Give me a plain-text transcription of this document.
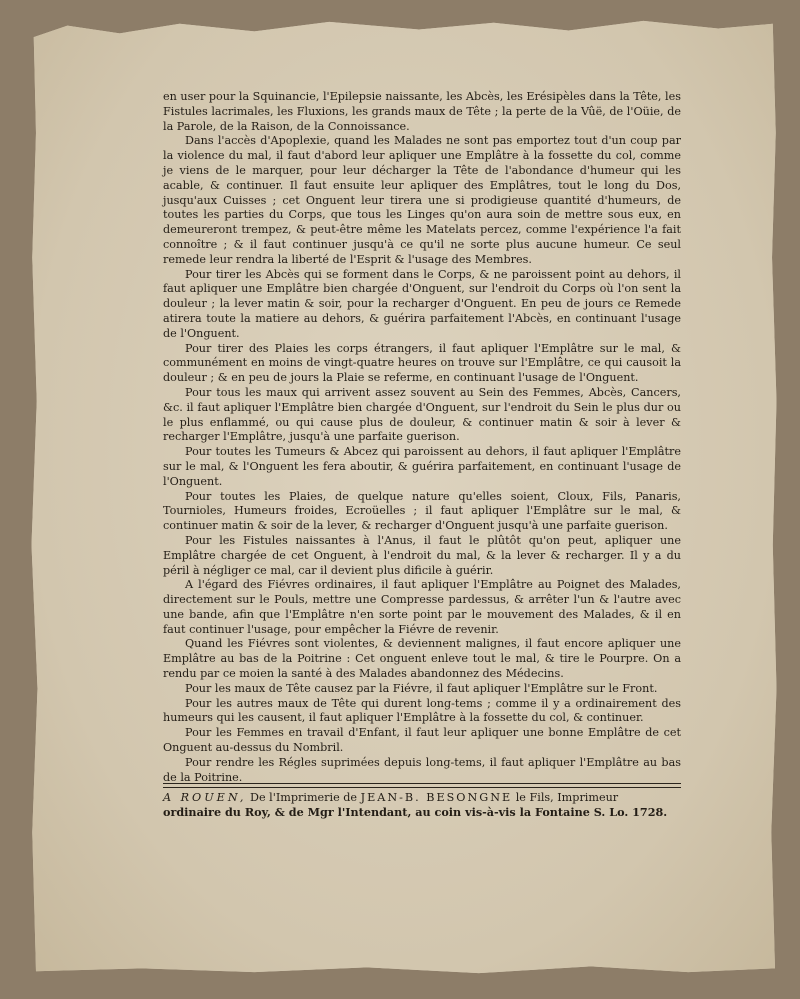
en user pour la Squinancie, l'Epilepsie naissante, les Abcès, les Erésipèles dans la Tête, les Fistules lacrimales, les Fluxions, les grands maux de Tête ; la perte de la Vûë, de l'Oüie, de la Parole, de la Raison, de la Connoissance.

Dans l'accès d'Apoplexie, quand les Malades ne sont pas emportez tout d'un coup par la violence du mal, il faut d'abord leur apliquer une Emplâtre à la fossette du col, comme je viens de le marquer, pour leur décharger la Tête de l'abondance d'humeur qui les acable, & continuer. Il faut ensuite leur apliquer des Emplâtres, tout le long du Dos, jusqu'aux Cuisses ; cet Onguent leur tirera une si prodigieuse quantité d'humeurs, de toutes les parties du Corps, que tous les Linges qu'on aura soin de mettre sous eux, en demeureront trempez, & peut-être même les Matelats percez, comme l'expérience l'a fait connoître ; & il faut continuer jusqu'à ce qu'il ne sorte plus aucune humeur. Ce seul remede leur rendra la liberté de l'Esprit & l'usage des Membres.

Pour tirer les Abcès qui se forment dans le Corps, & ne paroissent point au dehors, il faut apliquer une Emplâtre bien chargée d'Onguent, sur l'endroit du Corps où l'on sent la douleur ; la lever matin & soir, pour la recharger d'Onguent. En peu de jours ce Remede atirera toute la matiere au dehors, & guérira parfaitement l'Abcès, en continuant l'usage de l'Onguent.

Pour tirer des Plaies les corps étrangers, il faut apliquer l'Emplâtre sur le mal, & communément en moins de vingt-quatre heures on trouve sur l'Emplâtre, ce qui causoit la douleur ; & en peu de jours la Plaie se referme, en continuant l'usage de l'Onguent.

Pour tous les maux qui arrivent assez souvent au Sein des Femmes, Abcès, Cancers, &c. il faut apliquer l'Emplâtre bien chargée d'Onguent, sur l'endroit du Sein le plus dur ou le plus enflammé, ou qui cause plus de douleur, & continuer matin & soir à lever & recharger l'Emplâtre, jusqu'à une parfaite guerison.

Pour toutes les Tumeurs & Abcez qui paroissent au dehors, il faut apliquer l'Emplâtre sur le mal, & l'Onguent les fera aboutir, & guérira parfaitement, en continuant l'usage de l'Onguent.

Pour toutes les Plaies, de quelque nature qu'elles soient, Cloux, Fils, Panaris, Tournioles, Humeurs froides, Ecroüelles ; il faut apliquer l'Emplâtre sur le mal, & continuer matin & soir de la lever, & recharger d'Onguent jusqu'à une parfaite guerison.

Pour les Fistules naissantes à l'Anus, il faut le plûtôt qu'on peut, apliquer une Emplâtre chargée de cet Onguent, à l'endroit du mal, & la lever & recharger. Il y a du péril à négliger ce mal, car il devient plus dificile à guérir.

A l'égard des Fiévres ordinaires, il faut apliquer l'Emplâtre au Poignet des Malades, directement sur le Pouls, mettre une Compresse pardessus, & arrêter l'un & l'autre avec une bande, afin que l'Emplâtre n'en sorte point par le mouvement des Malades, & il en faut continuer l'usage, pour empêcher la Fiévre de revenir.

Quand les Fiévres sont violentes, & deviennent malignes, il faut encore apliquer une Emplâtre au bas de la Poitrine : Cet onguent enleve tout le mal, & tire le Pourpre. On a rendu par ce moien la santé à des Malades abandonnez des Médecins.

Pour les maux de Tête causez par la Fiévre, il faut apliquer l'Emplâtre sur le Front.

Pour les autres maux de Tête qui durent long-tems ; comme il y a ordinairement des humeurs qui les causent, il faut apliquer l'Emplâtre à la fossette du col, & continuer.

Pour les Femmes en travail d'Enfant, il faut leur apliquer une bonne Emplâtre de cet Onguent au-dessus du Nombril.

Pour rendre les Régles suprimées depuis long-tems, il faut apliquer l'Emplâtre au bas de la Poitrine.

A ROUEN, De l'Imprimerie de JEAN-B. BESONGNE le Fils, Imprimeur
ordinaire du Roy, & de Mgr l'Intendant, au coin vis-à-vis la Fontaine S. Lo. 1728.
